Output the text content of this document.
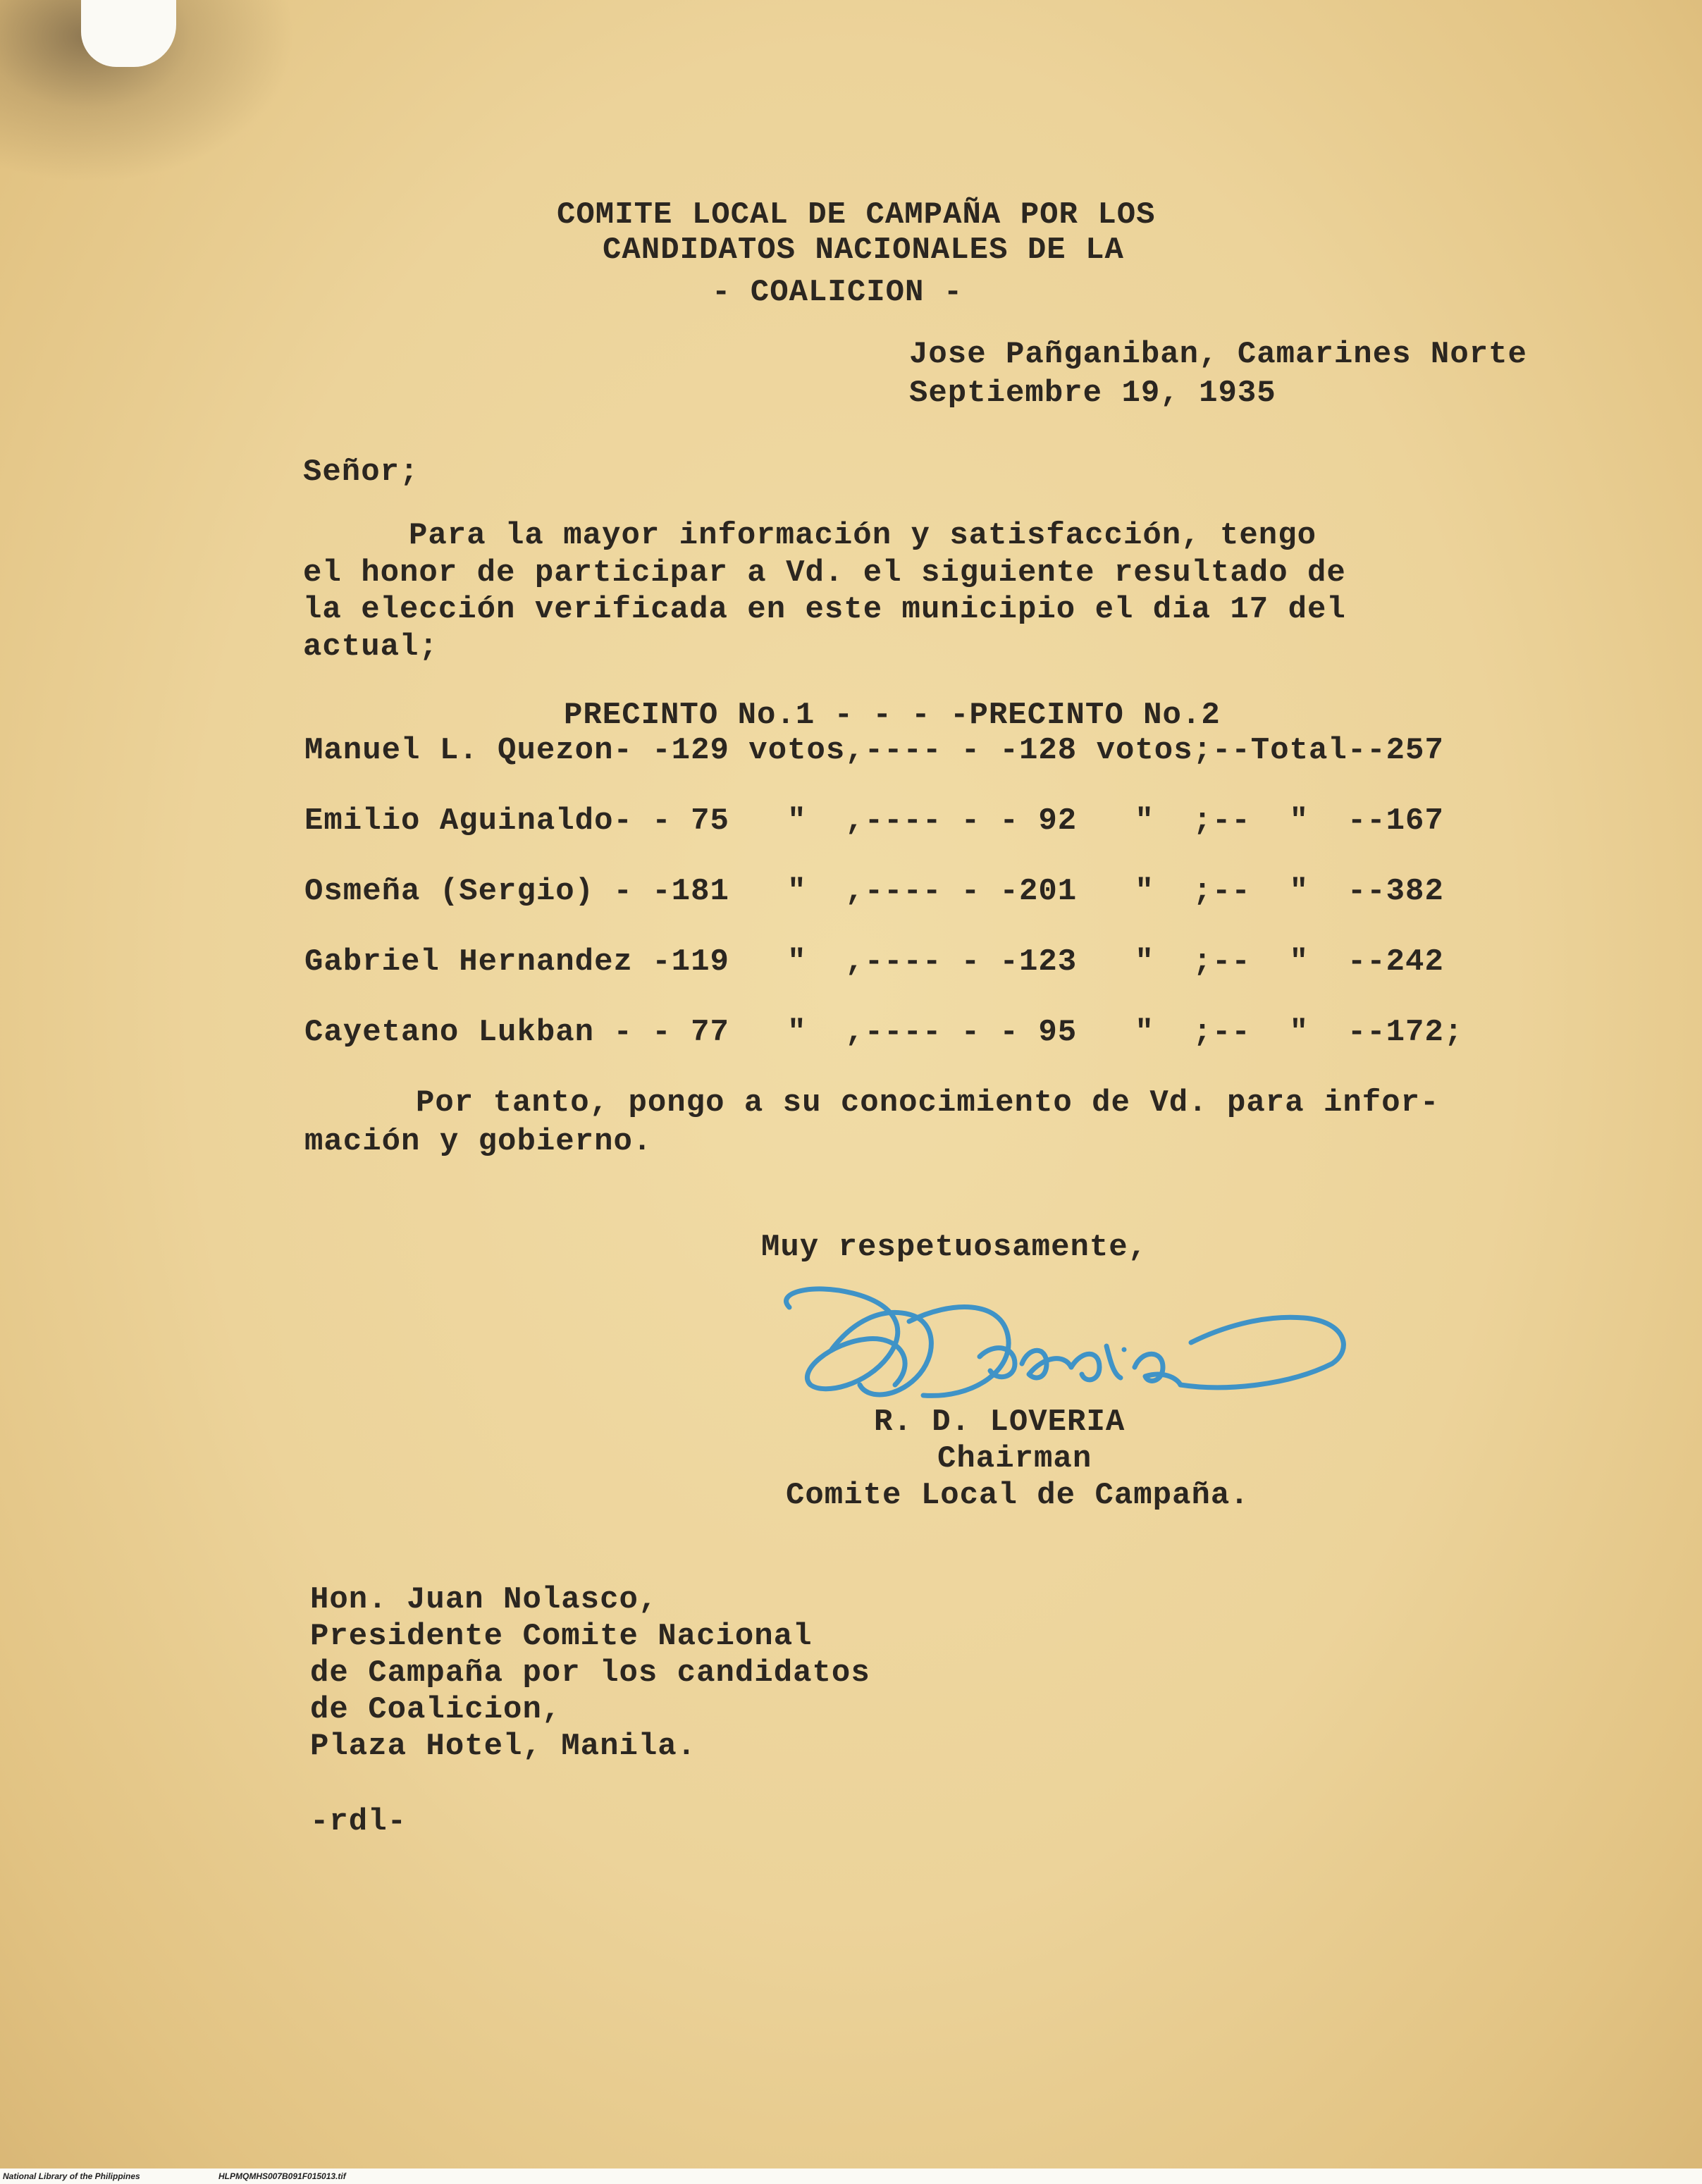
COMITE LOCAL DE CAMPAÑA POR LOS
CANDIDATOS NACIONALES DE LA
- COALICION -
Jose Pañganiban, Camarines Norte
Septiembre 19, 1935
Señor;
Para la mayor información y satisfacción, tengo
el honor de participar a Vd. el siguiente resultado de
la elección verificada en este municipio el dia 17 del
actual;
PRECINTO No.1 - - - -PRECINTO No.2
Manuel L. Quezon- -129 votos,---- - -128 votos;--Total--257
Emilio Aguinaldo- - 75   "  ,---- - - 92   "  ;--  "  --167
Osmeña (Sergio) - -181   "  ,---- - -201   "  ;--  "  --382
Gabriel Hernandez -119   "  ,---- - -123   "  ;--  "  --242
Cayetano Lukban - - 77   "  ,---- - - 95   "  ;--  "  --172;
Por tanto, pongo a su conocimiento de Vd. para infor-
mación y gobierno.
Muy respetuosamente,
R. D. LOVERIA
Chairman
Comite Local de Campaña.
Hon. Juan Nolasco,
Presidente Comite Nacional
de Campaña por los candidatos
de Coalicion,
Plaza Hotel, Manila.
-rdl-
National Library of the Philippines	HLPMQMHS007B091F015013.tif
